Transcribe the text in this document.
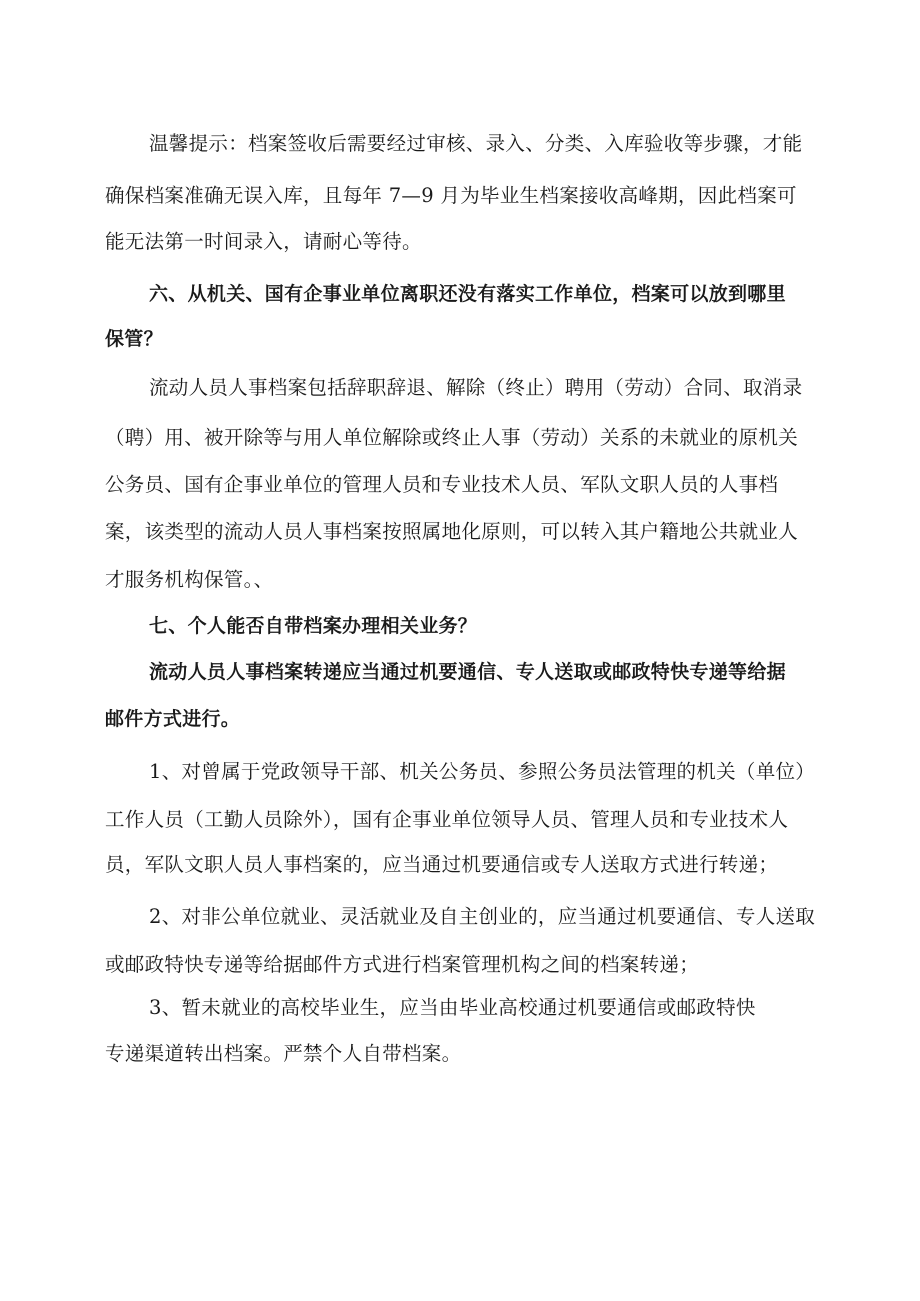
温馨提示：档案签收后需要经过审核、录入、分类、入库验收等步骤，才能
确保档案准确无误入库，且每年 7—9 月为毕业生档案接收高峰期，因此档案可
能无法第一时间录入，请耐心等待。
六、从机关、国有企事业单位离职还没有落实工作单位，档案可以放到哪里
保管？
流动人员人事档案包括辞职辞退、解除（终止）聘用（劳动）合同、取消录
（聘）用、被开除等与用人单位解除或终止人事（劳动）关系的未就业的原机关
公务员、国有企事业单位的管理人员和专业技术人员、军队文职人员的人事档
案，该类型的流动人员人事档案按照属地化原则，可以转入其户籍地公共就业人
才服务机构保管。、
七、个人能否自带档案办理相关业务？
流动人员人事档案转递应当通过机要通信、专人送取或邮政特快专递等给据
邮件方式进行。
1、对曾属于党政领导干部、机关公务员、参照公务员法管理的机关（单位）
工作人员（工勤人员除外），国有企事业单位领导人员、管理人员和专业技术人
员，军队文职人员人事档案的，应当通过机要通信或专人送取方式进行转递；
2、对非公单位就业、灵活就业及自主创业的，应当通过机要通信、专人送取
或邮政特快专递等给据邮件方式进行档案管理机构之间的档案转递；
3、暂未就业的高校毕业生，应当由毕业高校通过机要通信或邮政特快
专递渠道转出档案。严禁个人自带档案。
